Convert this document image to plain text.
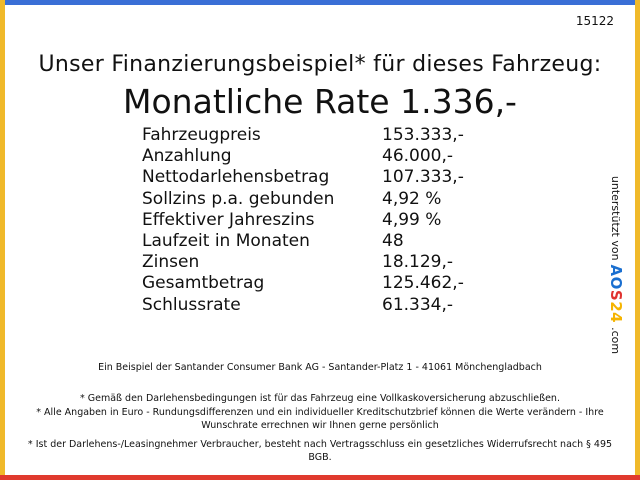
15122
Unser Finanzierungsbeispiel* für dieses Fahrzeug:
Monatliche Rate 1.336,-
Fahrzeugpreis	153.333,-
Anzahlung	46.000,-
Nettodarlehensbetrag	107.333,-
Sollzins p.a. gebunden	4,92 %
Effektiver Jahreszins	4,99 %
Laufzeit in Monaten	48
Zinsen	18.129,-
Gesamtbetrag	125.462,-
Schlussrate	61.334,-
unterstützt von
AOS24
.com
Ein Beispiel der Santander Consumer Bank AG - Santander-Platz 1 - 41061 Mönchengladbach
* Gemäß den Darlehensbedingungen ist für das Fahrzeug eine Vollkaskoversicherung abzuschließen.
* Alle Angaben in Euro - Rundungsdifferenzen und ein individueller Kreditschutzbrief können die Werte verändern - Ihre Wunschrate errechnen wir Ihnen gerne persönlich
* Ist der Darlehens-/Leasingnehmer Verbraucher, besteht nach Vertragsschluss ein gesetzliches Widerrufsrecht nach § 495 BGB.
